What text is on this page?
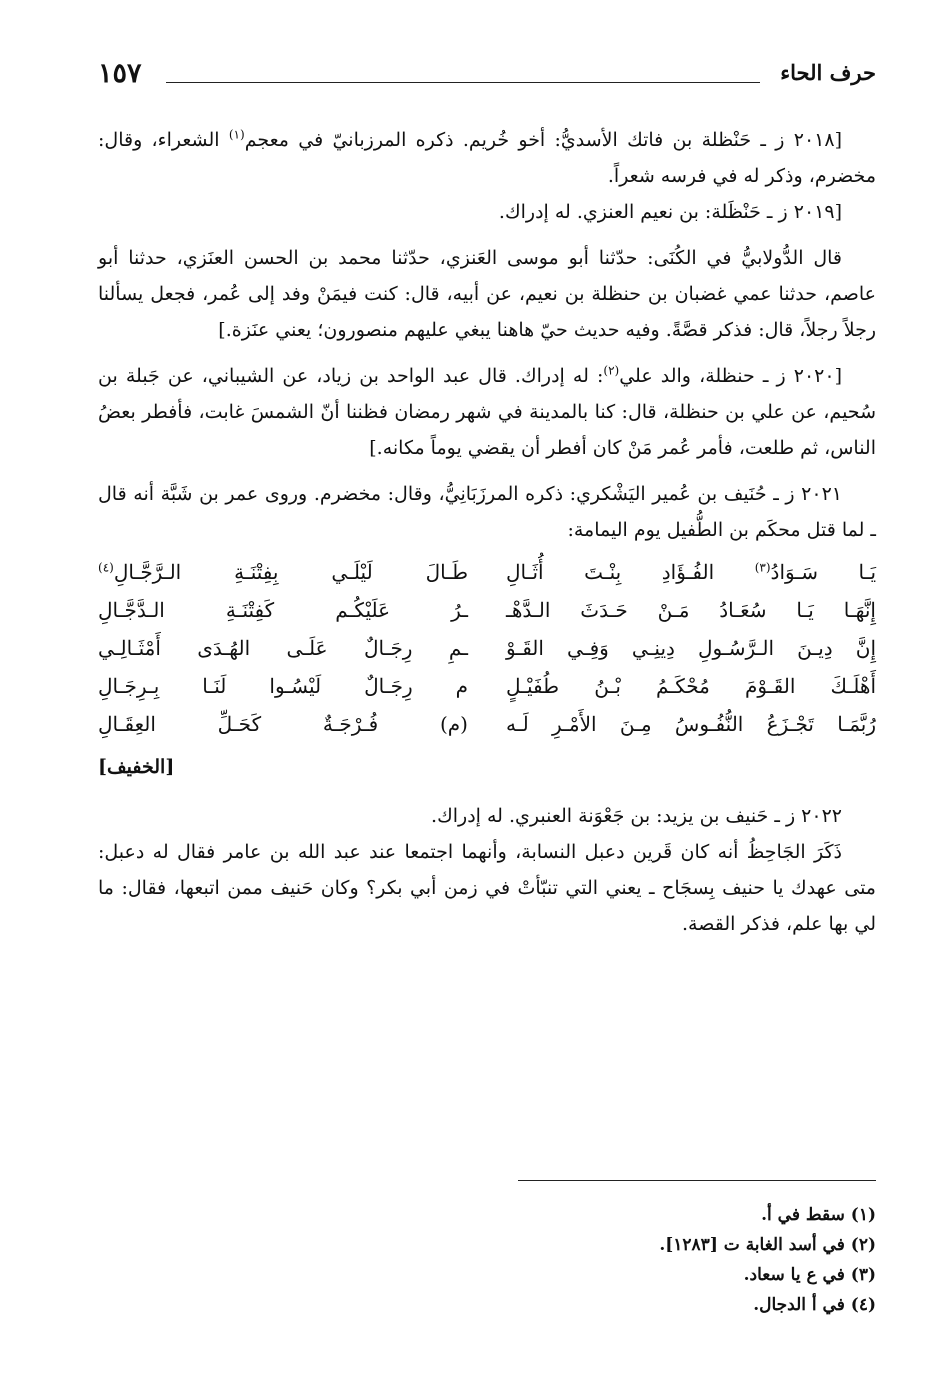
١٥٧	حرف الحاء

[٢٠١٨ ز ـ حَنْظلة بن فاتك الأسديُّ: أخو خُريم. ذكره المرزبانيّ في معجم$^{(١)}$ الشعراء، وقال: مخضرم، وذكر له في فرسه شعراً.

[٢٠١٩ ز ـ حَنْظَلة: بن نعيم العنزي. له إدراك.

قال الدُّولابيُّ في الكُنَى: حدّثنا أبو موسى العَنزي، حدّثنا محمد بن الحسن العنَزي، حدثنا أبو عاصم، حدثنا عمي غضبان بن حنظلة بن نعيم، عن أبيه، قال: كنت فيمَنْ وفد إلى عُمر، فجعل يسألنا رجلاً رجلاً، قال: فذكر قصَّةً. وفيه حديث حيّ هاهنا يبغي عليهم منصورون؛ يعني عنَزة.]

[٢٠٢٠ ز ـ حنظلة، والد علي$^{(٢)}$: له إدراك. قال عبد الواحد بن زياد، عن الشيباني، عن جَبلة بن سُحيم، عن علي بن حنظلة، قال: كنا بالمدينة في شهر رمضان فظننا أنّ الشمسَ غابت، فأفطر بعضُ الناس، ثم طلعت، فأمر عُمر مَنْ كان أفطر أن يقضي يوماً مكانه.]

٢٠٢١ ز ـ حُنَيف بن عُمير اليَشْكري: ذكره المرزَبَانِيُّ، وقال: مخضرم. وروى عمر بن شَبَّة أنه قال ـ لما قتل محكَم بن الطُّفيل يوم اليمامة:

يَـا سَـوَادُ$^{(٣)}$ الفُـؤَادِ بِنْـتَ أُثَـالِ
طَـالَ لَيْلَـي بِفِتْنَـةِ الـرَّجَّـالِ$^{(٤)}$
إِنَّهَـا يَـا سُعَـادُ مَـنْ حَـدَثَ الـدَّهْـ
ـرُ عَلَيْكُـم كَفِتْنَـةِ الـدَّجَّـالِ
إِنَّ دِيـنَ الـرَّسُـولِ دِينِـي وَفِـي القَـوْ
ـمِ رِجَـالٌ عَلَـى الهُـدَى أَمْثَـالِـي
أَهْلَـكَ القَـوْمَ مُحْكَـمُ بْـنُ طُفَيْـلٍ
م رِجَـالٌ لَيْسُـوا لَنَـا بِـرِجَـالِ
رُبَّمَـا تَجْـزَعُ النُّفُـوسُ مِـنَ الأَمْـرِ لَـه
(م) فُـرْجَـةٌ كَحَـلِّ العِقَـالِ
[الخفيف]

٢٠٢٢ ز ـ حَنيف بن يزيد: بن جَعْوَنة العنبري. له إدراك.

ذَكَرَ الجَاحِظُ أنه كان قَرين دعبل النسابة، وأنهما اجتمعا عند عبد الله بن عامر فقال له دعبل: متى عهدك يا حنيف بِسجَاح ـ يعني التي تنبّأتْ في زمن أبي بكر؟ وكان حَنيف ممن اتبعها، فقال: ما لي بها علم، فذكر القصة.

(١) سقط في أ.
(٢) في أسد الغابة ت [١٢٨٣].
(٣) في ع يا سعاد.
(٤) في أ الدجال.
